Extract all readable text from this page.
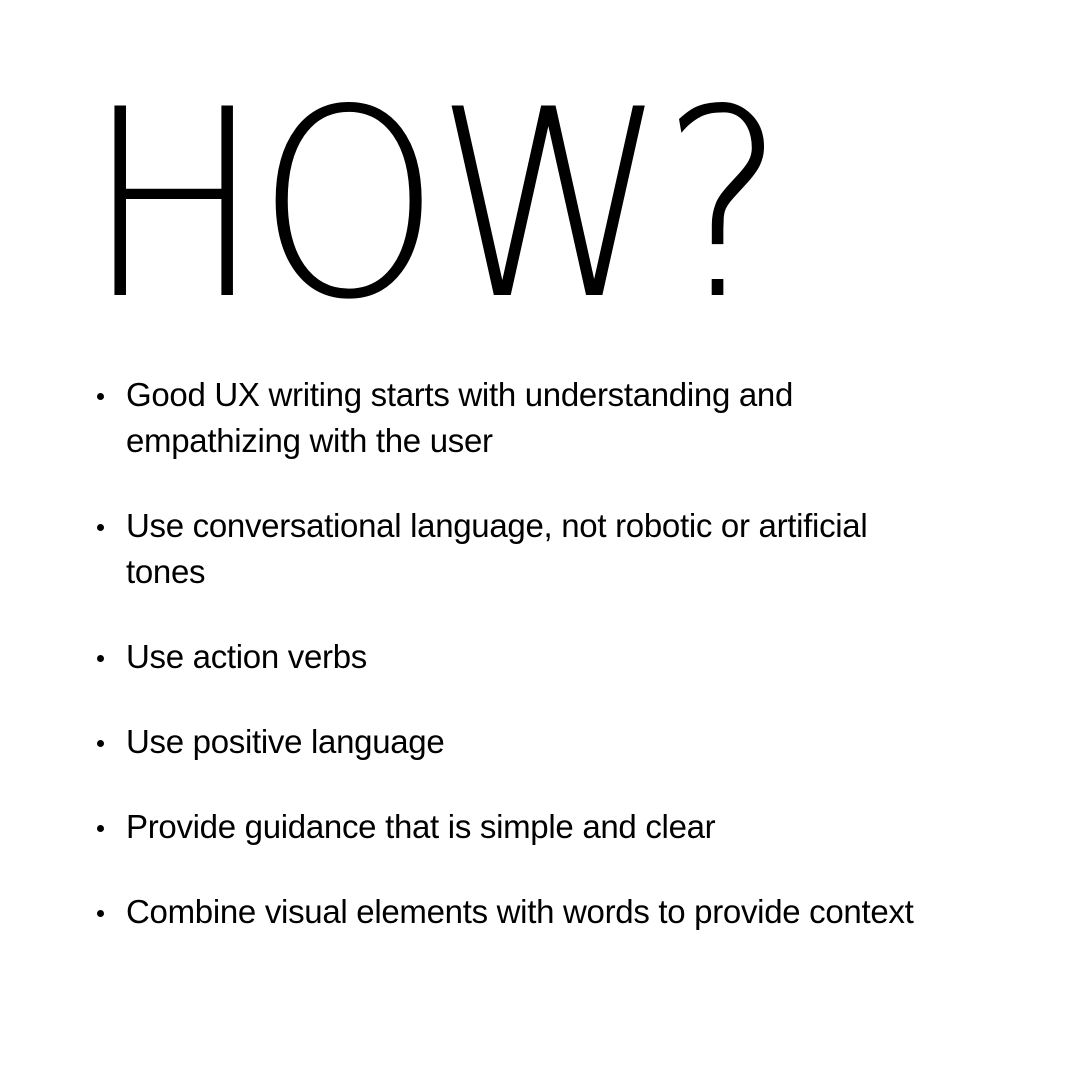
HOW?
Good UX writing starts with understanding and empathizing with the user
Use conversational language, not robotic or artificial tones
Use action verbs
Use positive language
Provide guidance that is simple and clear
Combine visual elements with words to provide context
